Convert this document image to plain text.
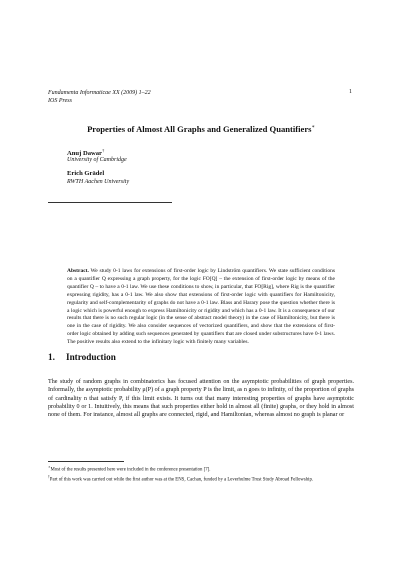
Fundamenta Informaticae XX (2009) 1–22
IOS Press
1
Properties of Almost All Graphs and Generalized Quantifiers∗
Anuj Dawar†
University of Cambridge
Erich Grädel
RWTH Aachen University
Abstract. We study 0-1 laws for extensions of first-order logic by Lindström quantifiers. We state sufficient conditions on a quantifier Q expressing a graph property, for the logic FO[Q] – the extension of first-order logic by means of the quantifier Q – to have a 0-1 law. We use these conditions to show, in particular, that FO[Rig], where Rig is the quantifier expressing rigidity, has a 0-1 law. We also show that extensions of first-order logic with quantifiers for Hamiltonicity, regularity and self-complementarity of graphs do not have a 0-1 law. Blass and Harary pose the question whether there is a logic which is powerful enough to express Hamiltonicity or rigidity and which has a 0-1 law. It is a consequence of our results that there is no such regular logic (in the sense of abstract model theory) in the case of Hamiltonicity, but there is one in the case of rigidity. We also consider sequences of vectorized quantifiers, and show that the extensions of first-order logic obtained by adding such sequences generated by quantifiers that are closed under substructures have 0-1 laws. The positive results also extend to the infinitary logic with finitely many variables.
1. Introduction
The study of random graphs in combinatorics has focused attention on the asymptotic probabilities of graph properties. Informally, the asymptotic probability μ(P) of a graph property P is the limit, as n goes to infinity, of the proportion of graphs of cardinality n that satisfy P, if this limit exists. It turns out that many interesting properties of graphs have asymptotic probability 0 or 1. Intuitively, this means that such properties either hold in almost all (finite) graphs, or they hold in almost none of them. For instance, almost all graphs are connected, rigid, and Hamiltonian, whereas almost no graph is planar or
∗Most of the results presented here were included in the conference presentation [7].
†Part of this work was carried out while the first author was at the ENS, Cachan, funded by a Leverhulme Trust Study Abroad Fellowship.
